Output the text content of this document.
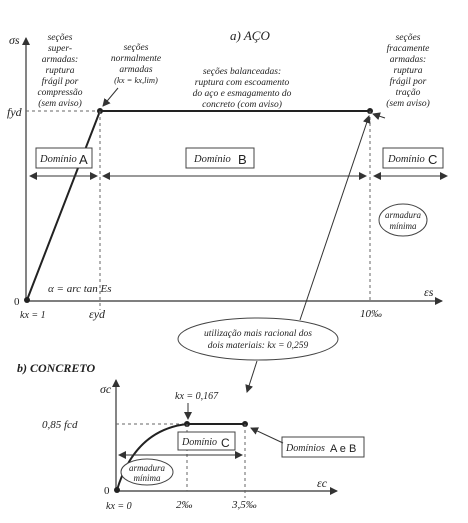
σs
εs
a) AÇO
fyd
0
kx = 1	εyd	10‰
α = arc tan Es
Domínio A	Domínio B	Domínio C
armadura
mínima
seções
super-
armadas:
ruptura
frágil por
compressão
(sem aviso)
seções
normalmente
armadas
(kx = kx,lim)
seções balanceadas:
ruptura com escoamento
do aço e esmagamento do
concreto (com aviso)
seções
fracamente
armadas:
ruptura
frágil por
tração
(sem aviso)
utilização mais racional dos
dois materiais: kx = 0,259
b) CONCRETO
σc
εc
0,85 fcd
0
kx = 0	2‰	3,5‰
kx = 0,167
Domínio C	Domínios A e B
armadura
mínima
